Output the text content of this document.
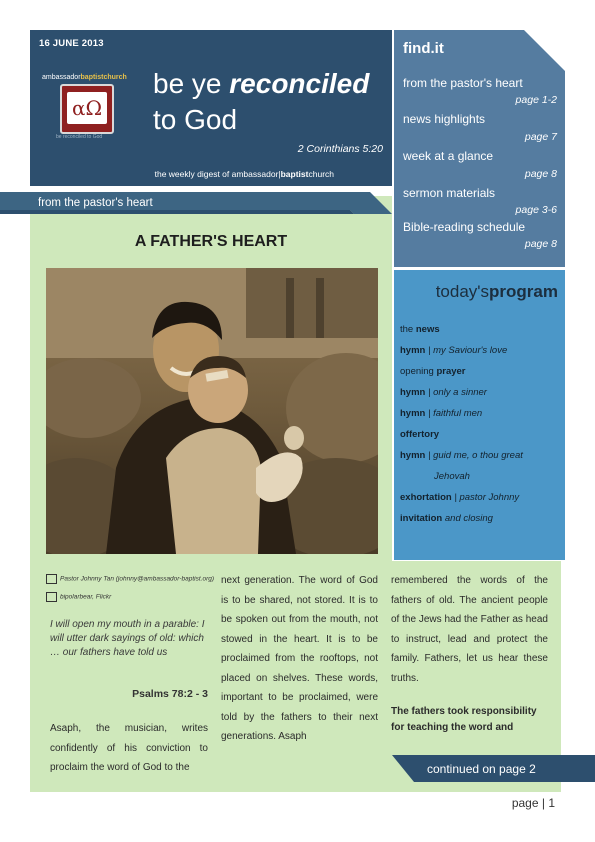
16 JUNE 2013
ambassadorbaptistchurch
αΩ
be reconciled to God
be ye reconciled
to God
2 Corinthians 5:20
the weekly digest of ambassador|baptistchurch
find.it
from the pastor's heart
page 1-2
news highlights
page 7
week at a glance
page 8
sermon materials
page 3-6
Bible-reading schedule
page 8
today'sprogram
the news
hymn | my Saviour's love
opening prayer
hymn | only a sinner
hymn | faithful men
offertory
hymn | guid me, o thou great
Jehovah
exhortation | pastor Johnny
invitation and closing
from the pastor's heart
A FATHER'S HEART
Pastor Johnny Tan (johnny@ambassador-baptist.org)
bipolarbear, Flickr
I will open my mouth in a parable: I will utter dark sayings of old: which … our fathers have told us
Psalms 78:2 - 3
Asaph, the musician, writes confidently of his conviction to proclaim the word of God to the
next generation. The word of God is to be shared, not stored. It is to be spoken out from the mouth, not stowed in the heart. It is to be proclaimed from the rooftops, not placed on shelves. These words, important to be proclaimed, were told by the fathers to their next generations. Asaph
remembered the words of the fathers of old. The ancient people of the Jews had the Father as head to instruct, lead and protect the family. Fathers, let us hear these truths.
The fathers took responsibility for teaching the word and
continued on page 2
page | 1
